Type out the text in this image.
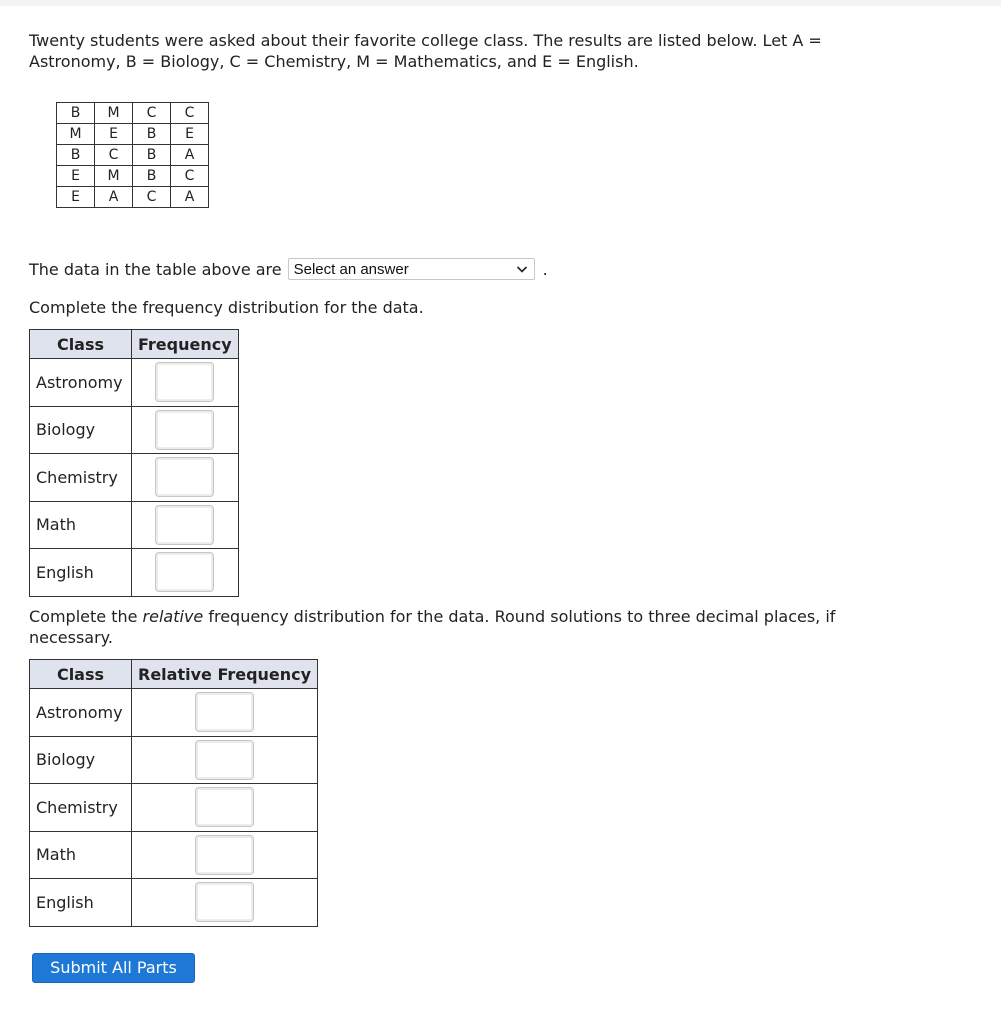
Twenty students were asked about their favorite college class. The results are listed below. Let A = Astronomy, B = Biology, C = Chemistry, M = Mathematics, and E = English.

B	M	C	C
M	E	B	E
B	C	B	A
E	M	B	C
E	A	C	A
The data in the table above are Select an answer	.

Complete the frequency distribution for the data.

Class	Frequency
Astronomy	
Biology	
Chemistry	
Math	
English	

Complete the relative frequency distribution for the data. Round solutions to three decimal places, if necessary.

Class	Relative Frequency
Astronomy	
Biology	
Chemistry	
Math	
English	
Submit All Parts
